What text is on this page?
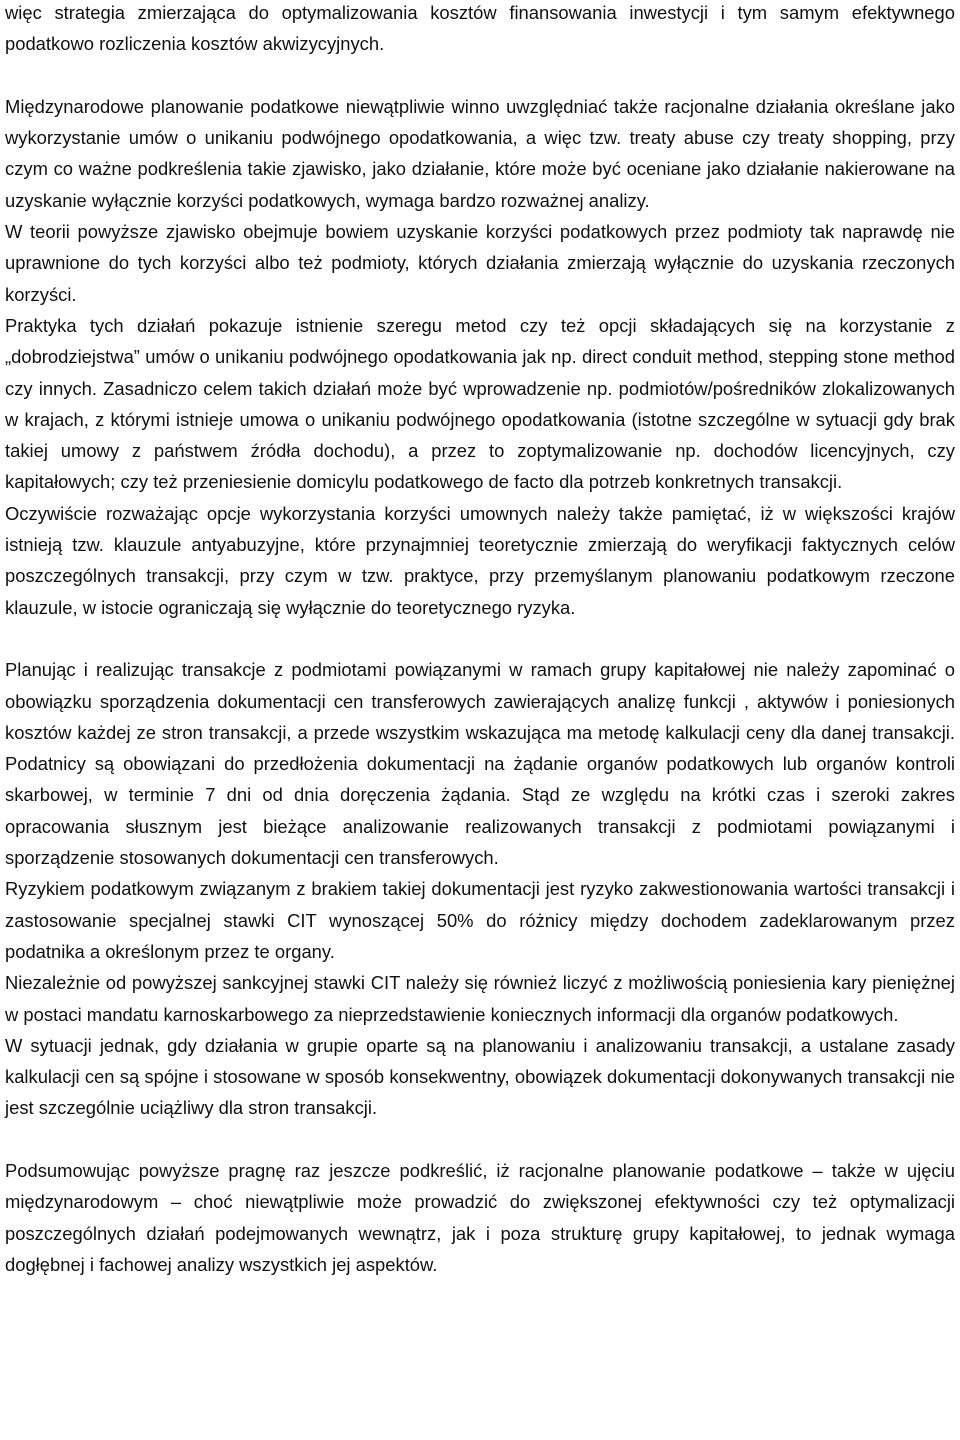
więc strategia zmierzająca do optymalizowania kosztów finansowania inwestycji i tym samym efektywnego podatkowo rozliczenia kosztów akwizycyjnych.

Międzynarodowe planowanie podatkowe niewątpliwie winno uwzględniać także racjonalne działania określane jako wykorzystanie umów o unikaniu podwójnego opodatkowania, a więc tzw. treaty abuse czy treaty shopping, przy czym co ważne podkreślenia takie zjawisko, jako działanie, które może być oceniane jako działanie nakierowane na uzyskanie wyłącznie korzyści podatkowych, wymaga bardzo rozważnej analizy.

W teorii powyższe zjawisko obejmuje bowiem uzyskanie korzyści podatkowych przez podmioty tak naprawdę nie uprawnione do tych korzyści albo też podmioty, których działania zmierzają wyłącznie do uzyskania rzeczonych korzyści.

Praktyka tych działań pokazuje istnienie szeregu metod czy też opcji składających się na korzystanie z „dobrodziejstwa” umów o unikaniu podwójnego opodatkowania jak np. direct conduit method, stepping stone method czy innych. Zasadniczo celem takich działań może być wprowadzenie np. podmiotów/pośredników zlokalizowanych w krajach, z którymi istnieje umowa o unikaniu podwójnego opodatkowania (istotne szczególne w sytuacji gdy brak takiej umowy z państwem źródła dochodu), a przez to zoptymalizowanie np. dochodów licencyjnych, czy kapitałowych; czy też przeniesienie domicylu podatkowego de facto dla potrzeb konkretnych transakcji.

Oczywiście rozważając opcje wykorzystania korzyści umownych należy także pamiętać, iż w większości krajów istnieją tzw. klauzule antyabuzyjne, które przynajmniej teoretycznie zmierzają do weryfikacji faktycznych celów poszczególnych transakcji, przy czym w tzw. praktyce, przy przemyślanym planowaniu podatkowym rzeczone klauzule, w istocie ograniczają się wyłącznie do teoretycznego ryzyka.

Planując i realizując transakcje z podmiotami powiązanymi w ramach grupy kapitałowej nie należy zapominać o obowiązku sporządzenia dokumentacji cen transferowych zawierających analizę funkcji , aktywów i poniesionych kosztów każdej ze stron transakcji, a przede wszystkim wskazująca ma metodę kalkulacji ceny dla danej transakcji. Podatnicy są obowiązani do przedłożenia dokumentacji na żądanie organów podatkowych lub organów kontroli skarbowej, w terminie 7 dni od dnia doręczenia żądania. Stąd ze względu na krótki czas i szeroki zakres opracowania słusznym jest bieżące analizowanie realizowanych transakcji z podmiotami powiązanymi i sporządzenie stosowanych dokumentacji cen transferowych.

Ryzykiem podatkowym związanym z brakiem takiej dokumentacji jest ryzyko zakwestionowania wartości transakcji i zastosowanie specjalnej stawki CIT wynoszącej 50% do różnicy między dochodem zadeklarowanym przez podatnika a określonym przez te organy.

Niezależnie od powyższej sankcyjnej stawki CIT należy się również liczyć z możliwością poniesienia kary pieniężnej w postaci mandatu karnoskarbowego za nieprzedstawienie koniecznych informacji dla organów podatkowych.

W sytuacji jednak, gdy działania w grupie oparte są na planowaniu i analizowaniu transakcji, a ustalane zasady kalkulacji cen są spójne i stosowane w sposób konsekwentny, obowiązek dokumentacji dokonywanych transakcji nie jest szczególnie uciążliwy dla stron transakcji.

Podsumowując powyższe pragnę raz jeszcze podkreślić, iż racjonalne planowanie podatkowe – także w ujęciu międzynarodowym – choć niewątpliwie może prowadzić do zwiększonej efektywności czy też optymalizacji poszczególnych działań podejmowanych wewnątrz, jak i poza strukturę grupy kapitałowej, to jednak wymaga dogłębnej i fachowej analizy wszystkich jej aspektów.
